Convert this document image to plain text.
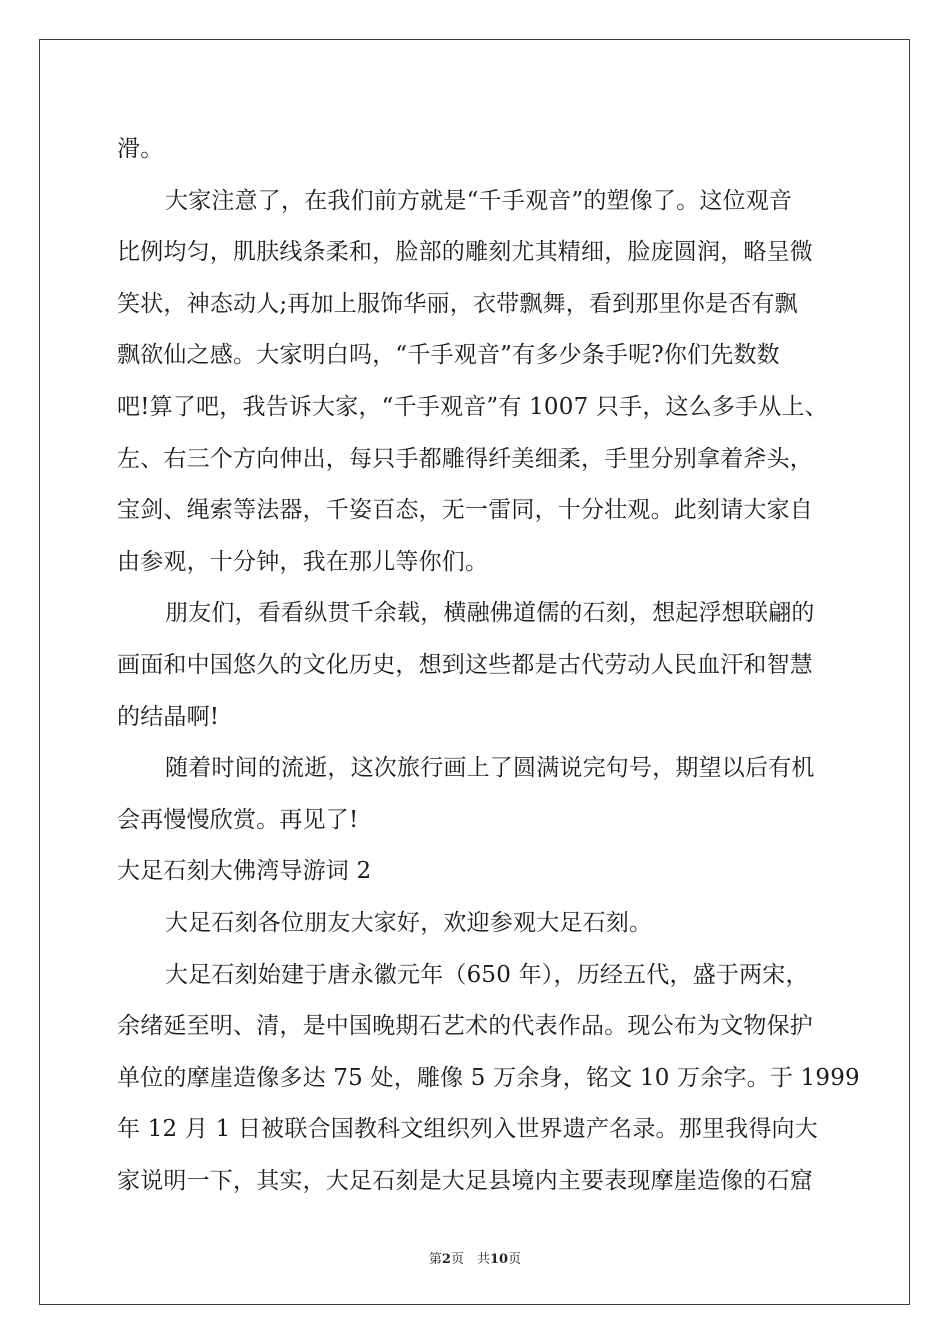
滑。
大家注意了，在我们前方就是“千手观音”的塑像了。这位观音
比例均匀，肌肤线条柔和，脸部的雕刻尤其精细，脸庞圆润，略呈微
笑状，神态动人;再加上服饰华丽，衣带飘舞，看到那里你是否有飘
飘欲仙之感。大家明白吗，“千手观音”有多少条手呢?你们先数数
吧!算了吧，我告诉大家，“千手观音”有 1007 只手，这么多手从上、
左、右三个方向伸出，每只手都雕得纤美细柔，手里分别拿着斧头，
宝剑、绳索等法器，千姿百态，无一雷同，十分壮观。此刻请大家自
由参观，十分钟，我在那儿等你们。
朋友们，看看纵贯千余载，横融佛道儒的石刻，想起浮想联翩的
画面和中国悠久的文化历史，想到这些都是古代劳动人民血汗和智慧
的结晶啊!
随着时间的流逝，这次旅行画上了圆满说完句号，期望以后有机
会再慢慢欣赏。再见了!
大足石刻大佛湾导游词 2
大足石刻各位朋友大家好，欢迎参观大足石刻。
大足石刻始建于唐永徽元年（650 年），历经五代，盛于两宋，
余绪延至明、清，是中国晚期石艺术的代表作品。现公布为文物保护
单位的摩崖造像多达 75 处，雕像 5 万余身，铭文 10 万余字。于 1999
年 12 月 1 日被联合国教科文组织列入世界遗产名录。那里我得向大
家说明一下，其实，大足石刻是大足县境内主要表现摩崖造像的石窟
第2页　共10页
